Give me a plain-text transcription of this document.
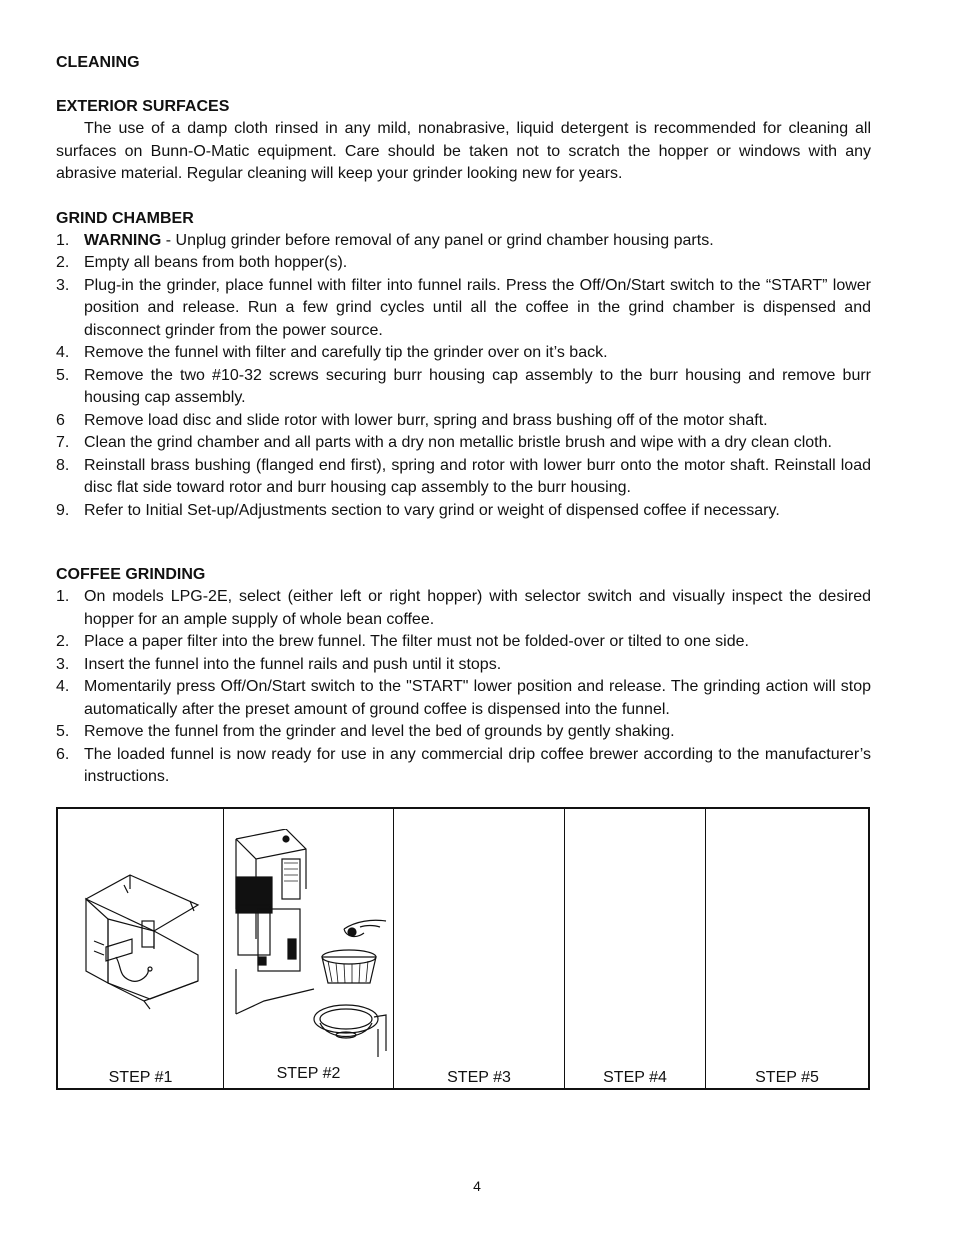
CLEANING
EXTERIOR SURFACES

The use of a damp cloth rinsed in any mild, nonabrasive, liquid detergent is recommended for cleaning all surfaces on Bunn-O-Matic equipment. Care should be taken not to scratch the hopper or windows with any abrasive material. Regular cleaning will keep your grinder looking new for years.

GRIND CHAMBER
1. WARNING - Unplug grinder before removal of any panel or grind chamber housing parts.
2. Empty all beans from both hopper(s).
3. Plug-in the grinder, place funnel with filter into funnel rails. Press the Off/On/Start switch to the “START” lower position and release. Run a few grind cycles until all the coffee in the grind chamber is dispensed and disconnect grinder from the power source.
4. Remove the funnel with filter and carefully tip the grinder over on it’s back.
5. Remove the two #10-32 screws securing burr housing cap assembly to the burr housing and remove burr housing cap assembly.
6 Remove load disc and slide rotor with lower burr, spring and brass bushing off of the motor shaft.
7. Clean the grind chamber and all parts with a dry non metallic bristle brush and wipe with a dry clean cloth.
8. Reinstall brass bushing (flanged end first), spring and rotor with lower burr onto the motor shaft. Reinstall load disc flat side toward rotor and burr housing cap assembly to the burr housing.
9. Refer to Initial Set-up/Adjustments section to vary grind or weight of dispensed coffee if necessary.
COFFEE GRINDING
1. On models LPG-2E, select (either left or right hopper) with selector switch and visually inspect the desired hopper for an ample supply of whole bean coffee.
2. Place a paper filter into the brew funnel. The filter must not be folded-over or tilted to one side.
3. Insert the funnel into the funnel rails and push until it stops.
4. Momentarily press Off/On/Start switch to the "START" lower position and release. The grinding action will stop automatically after the preset amount of ground coffee is dispensed into the funnel.
5. Remove the funnel from the grinder and level the bed of grounds by gently shaking.
6. The loaded funnel is now ready for use in any commercial drip coffee brewer according to the manufacturer’s instructions.
STEP #1	STEP #2	STEP #3	STEP #4	STEP #5
4
